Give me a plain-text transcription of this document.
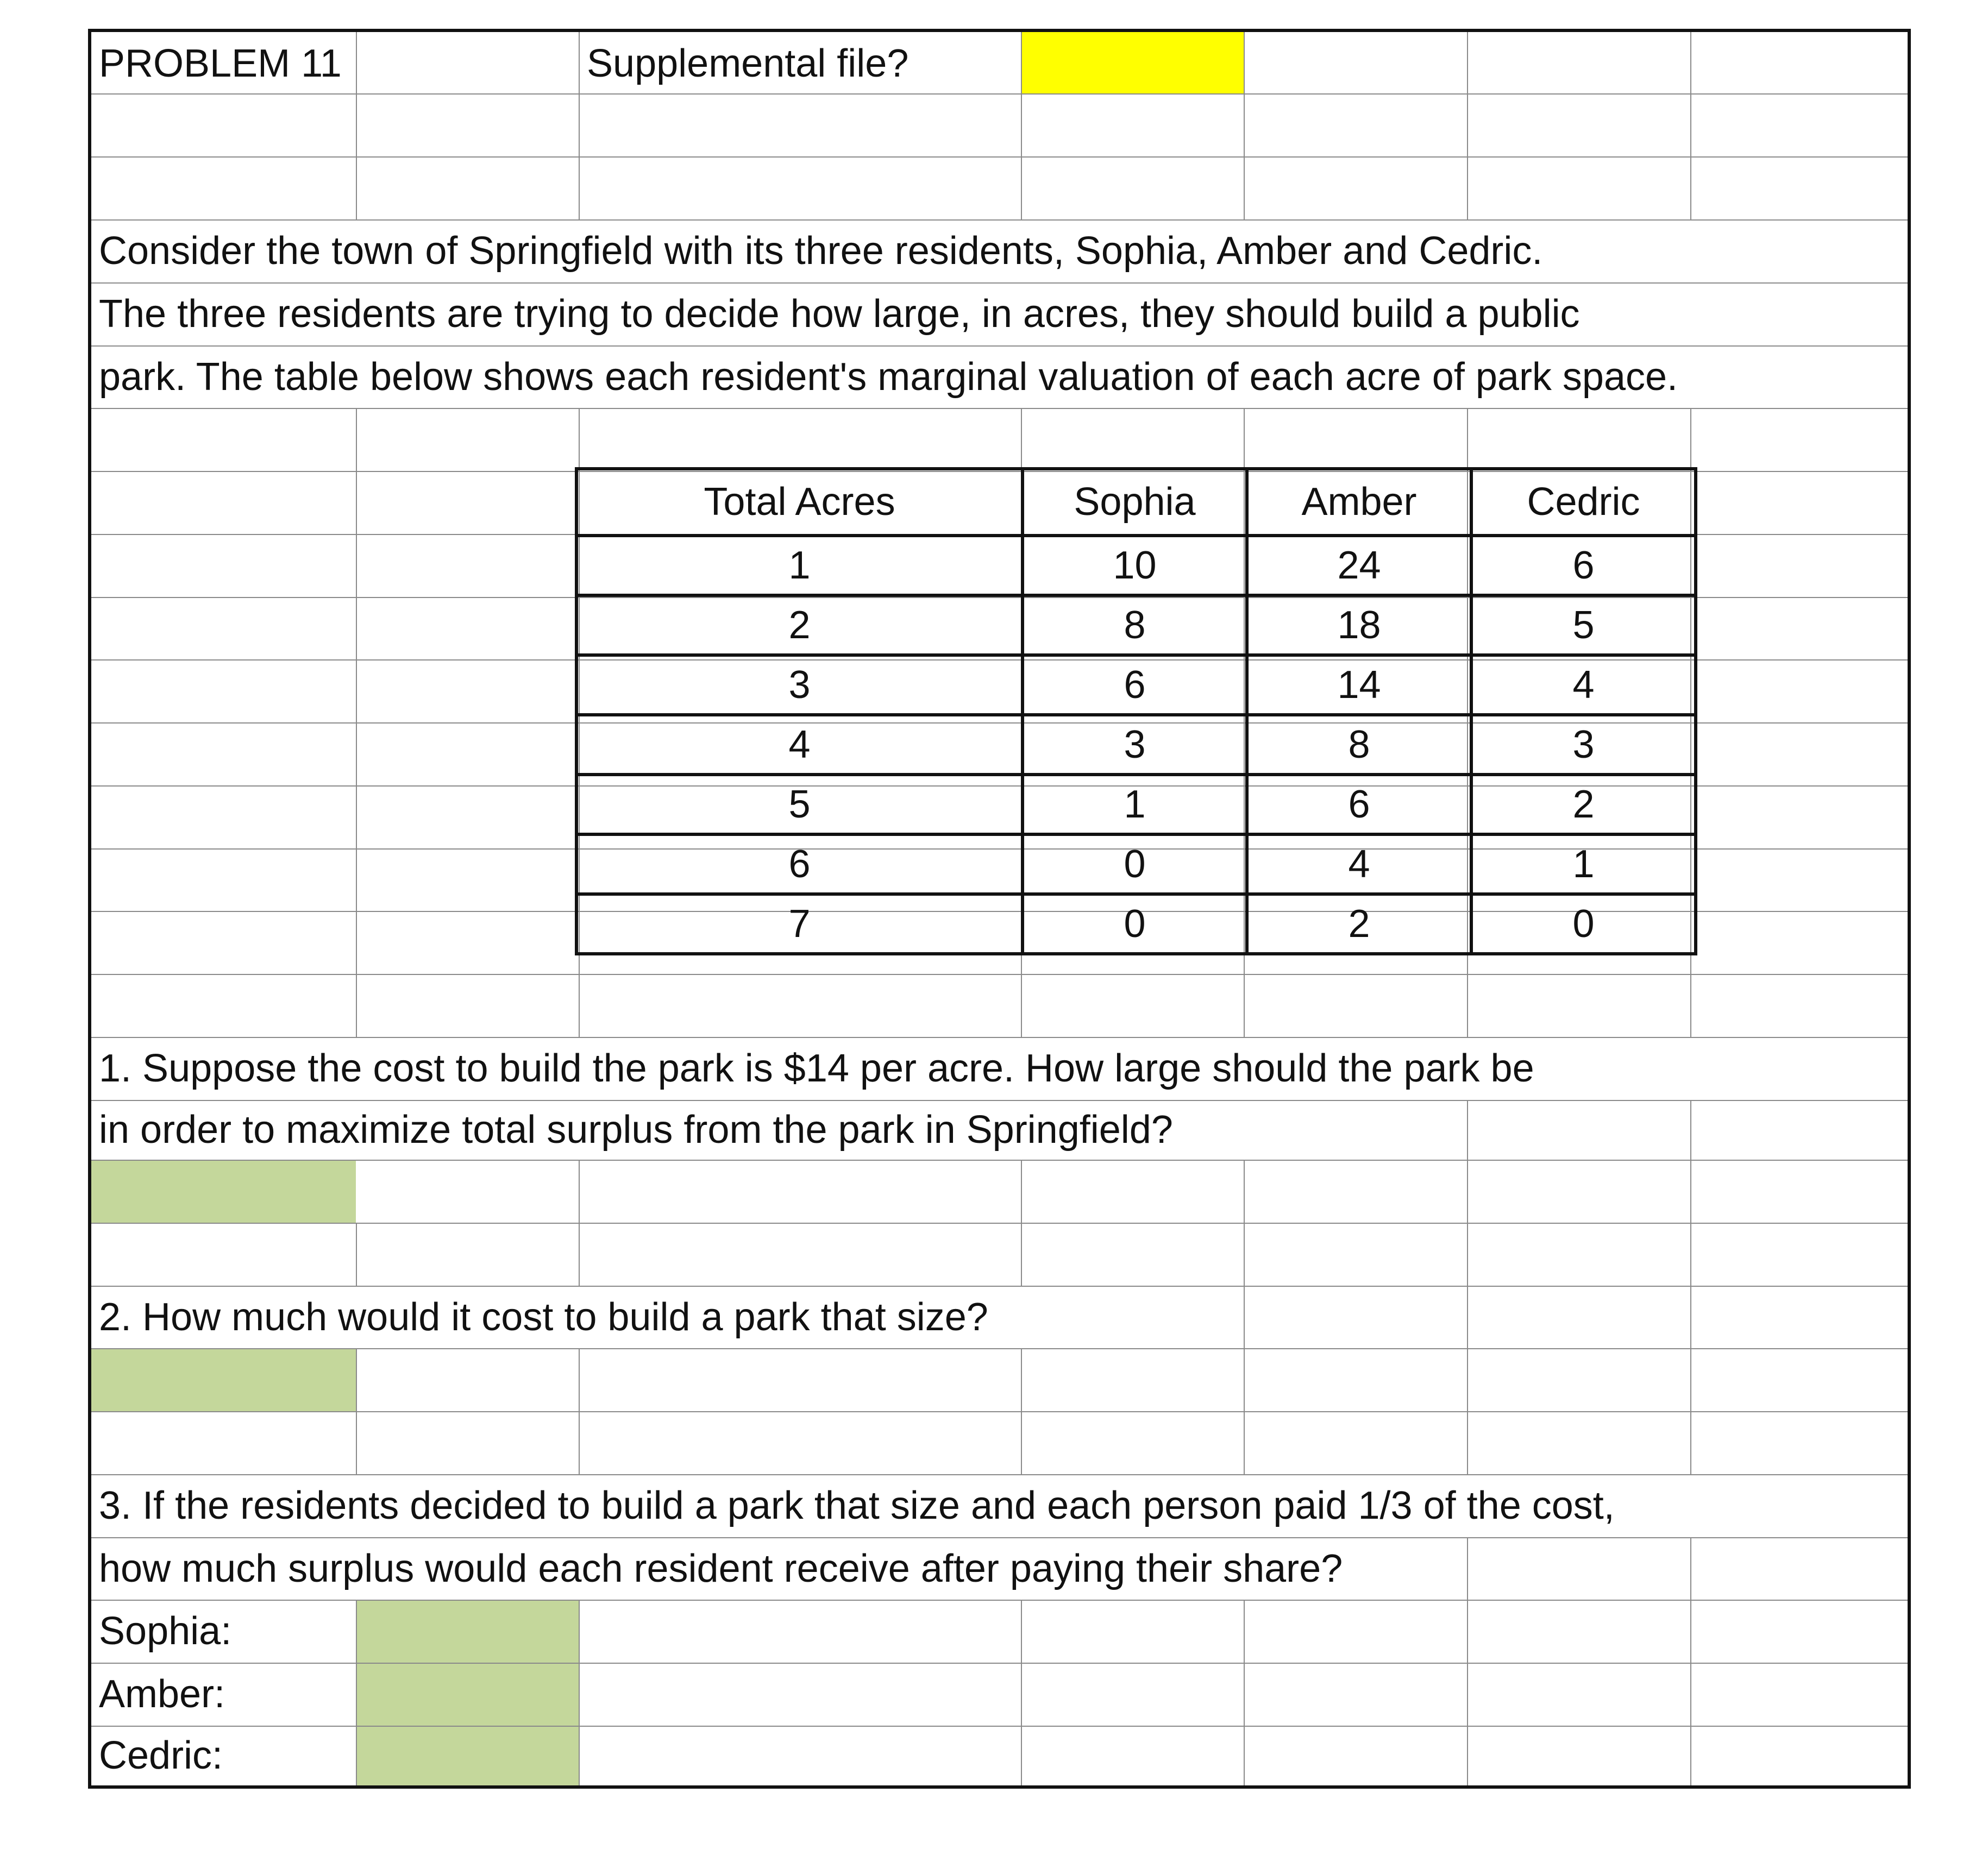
PROBLEM 11	Supplemental file?
Consider the town of Springfield with its three residents, Sophia, Amber and Cedric.
The three residents are trying to decide how large, in acres, they should build a public
park. The table below shows each resident's marginal valuation of each acre of park space.
Total Acres	Sophia	Amber	Cedric
1	10	24	6
2	8	18	5
3	6	14	4
4	3	8	3
5	1	6	2
6	0	4	1
7	0	2	0
1. Suppose the cost to build the park is $14 per acre. How large should the park be
in order to maximize total surplus from the park in Springfield?
2. How much would it cost to build a park that size?
3. If the residents decided to build a park that size and each person paid 1/3 of the cost,
how much surplus would each resident receive after paying their share?
Sophia:
Amber:
Cedric:
